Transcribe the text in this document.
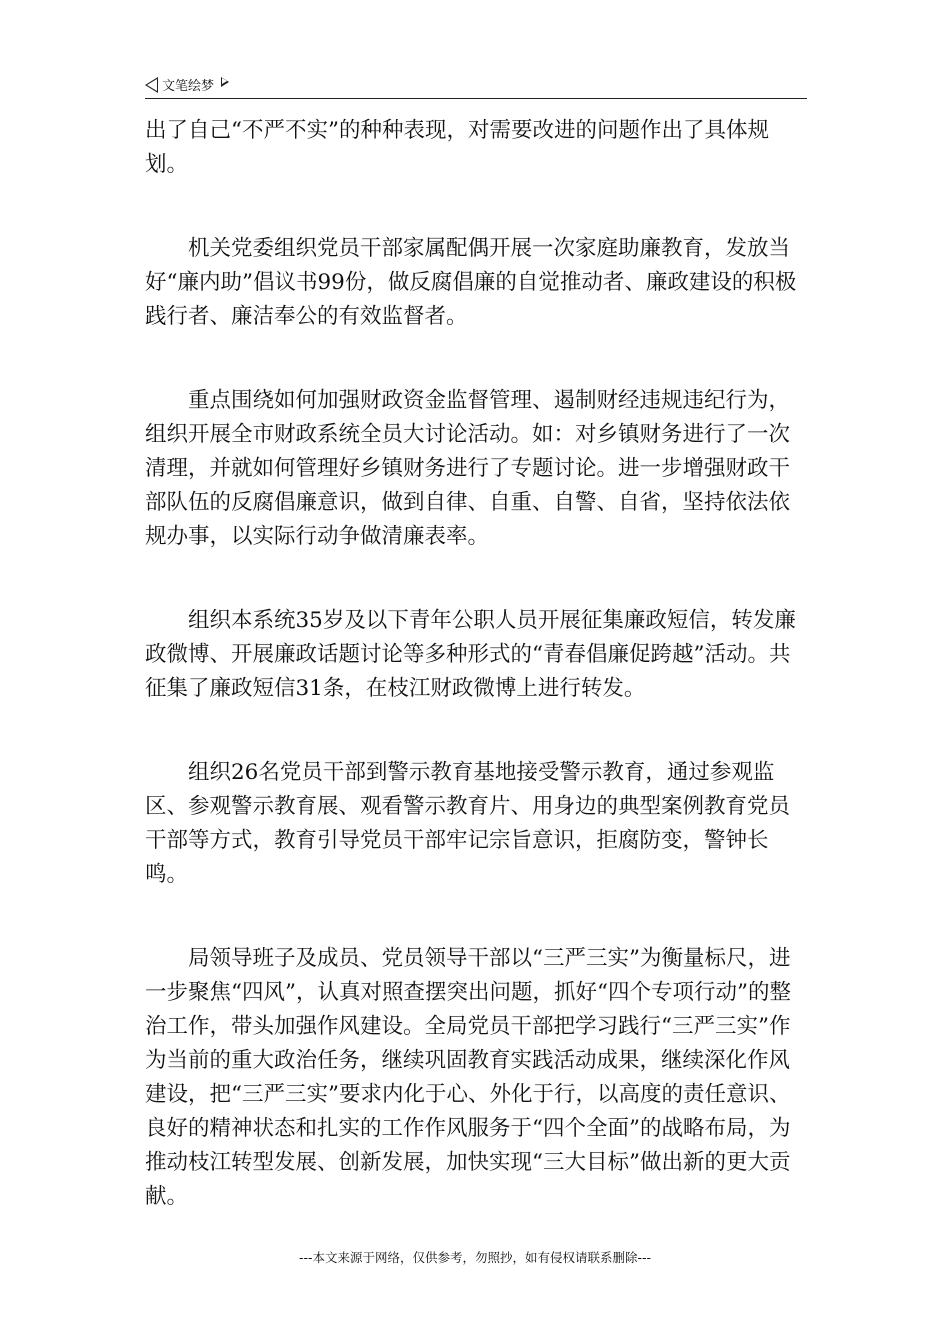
文笔绘梦

出了自己“不严不实”的种种表现，对需要改进的问题作出了具体规划。

机关党委组织党员干部家属配偶开展一次家庭助廉教育，发放当好“廉内助”倡议书99份，做反腐倡廉的自觉推动者、廉政建设的积极践行者、廉洁奉公的有效监督者。

重点围绕如何加强财政资金监督管理、遏制财经违规违纪行为，组织开展全市财政系统全员大讨论活动。如：对乡镇财务进行了一次清理，并就如何管理好乡镇财务进行了专题讨论。进一步增强财政干部队伍的反腐倡廉意识，做到自律、自重、自警、自省，坚持依法依规办事，以实际行动争做清廉表率。

组织本系统35岁及以下青年公职人员开展征集廉政短信，转发廉政微博、开展廉政话题讨论等多种形式的“青春倡廉促跨越”活动。共征集了廉政短信31条，在枝江财政微博上进行转发。

组织26名党员干部到警示教育基地接受警示教育，通过参观监区、参观警示教育展、观看警示教育片、用身边的典型案例教育党员干部等方式，教育引导党员干部牢记宗旨意识，拒腐防变，警钟长鸣。

局领导班子及成员、党员领导干部以“三严三实”为衡量标尺，进一步聚焦“四风”，认真对照查摆突出问题，抓好“四个专项行动”的整治工作，带头加强作风建设。全局党员干部把学习践行“三严三实”作为当前的重大政治任务，继续巩固教育实践活动成果，继续深化作风建设，把“三严三实”要求内化于心、外化于行，以高度的责任意识、良好的精神状态和扎实的工作作风服务于“四个全面”的战略布局，为推动枝江转型发展、创新发展，加快实现“三大目标”做出新的更大贡献。

---本文来源于网络，仅供参考，勿照抄，如有侵权请联系删除---
